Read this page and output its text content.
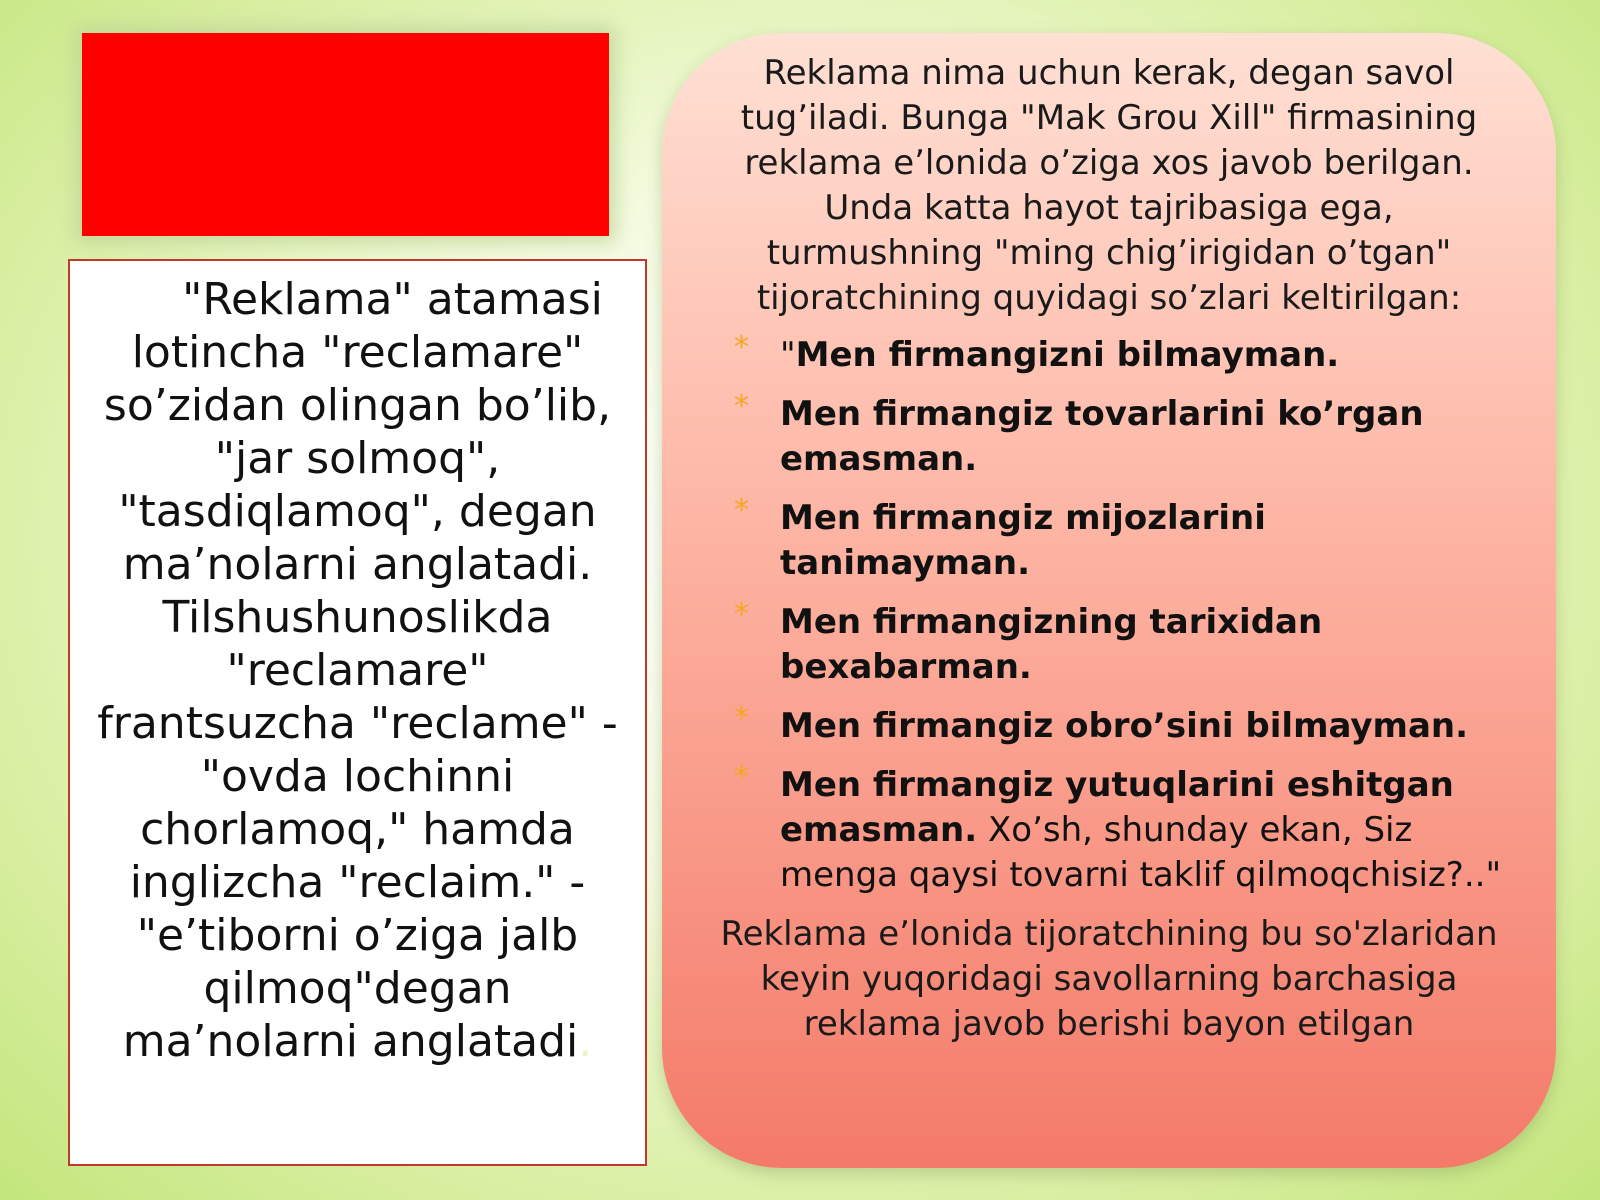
"Reklama" atamasi
lotincha "reclamare"
so’zidan olingan bo’lib,
"jar solmoq",
"tasdiqlamoq", degan
ma’nolarni anglatadi.
Tilshushunoslikda
"reclamare"
frantsuzcha "reclame" -
"ovda lochinni
chorlamoq," hamda
inglizcha "reclaim." -
"e’tiborni o’ziga jalb
qilmoq"degan
ma’nolarni anglatadi.

Reklama nima uchun kerak, degan savol tug’iladi. Bunga "Mak Grou Xill" firmasining reklama e’lonida o’ziga xos javob berilgan. Unda katta hayot tajribasiga ega, turmushning "ming chig’irigidan o’tgan" tijoratchining quyidagi so’zlari keltirilgan:

* "Men firmangizni bilmayman.
* Men firmangiz tovarlarini ko’rgan emasman.
* Men firmangiz mijozlarini tanimayman.
* Men firmangizning tarixidan bexabarman.
* Men firmangiz obro’sini bilmayman.
* Men firmangiz yutuqlarini eshitgan emasman. Xo’sh, shunday ekan, Siz menga qaysi tovarni taklif qilmoqchisiz?.."

Reklama e’lonida tijoratchining bu so'zlaridan keyin yuqoridagi savollarning barchasiga reklama javob berishi bayon etilgan
